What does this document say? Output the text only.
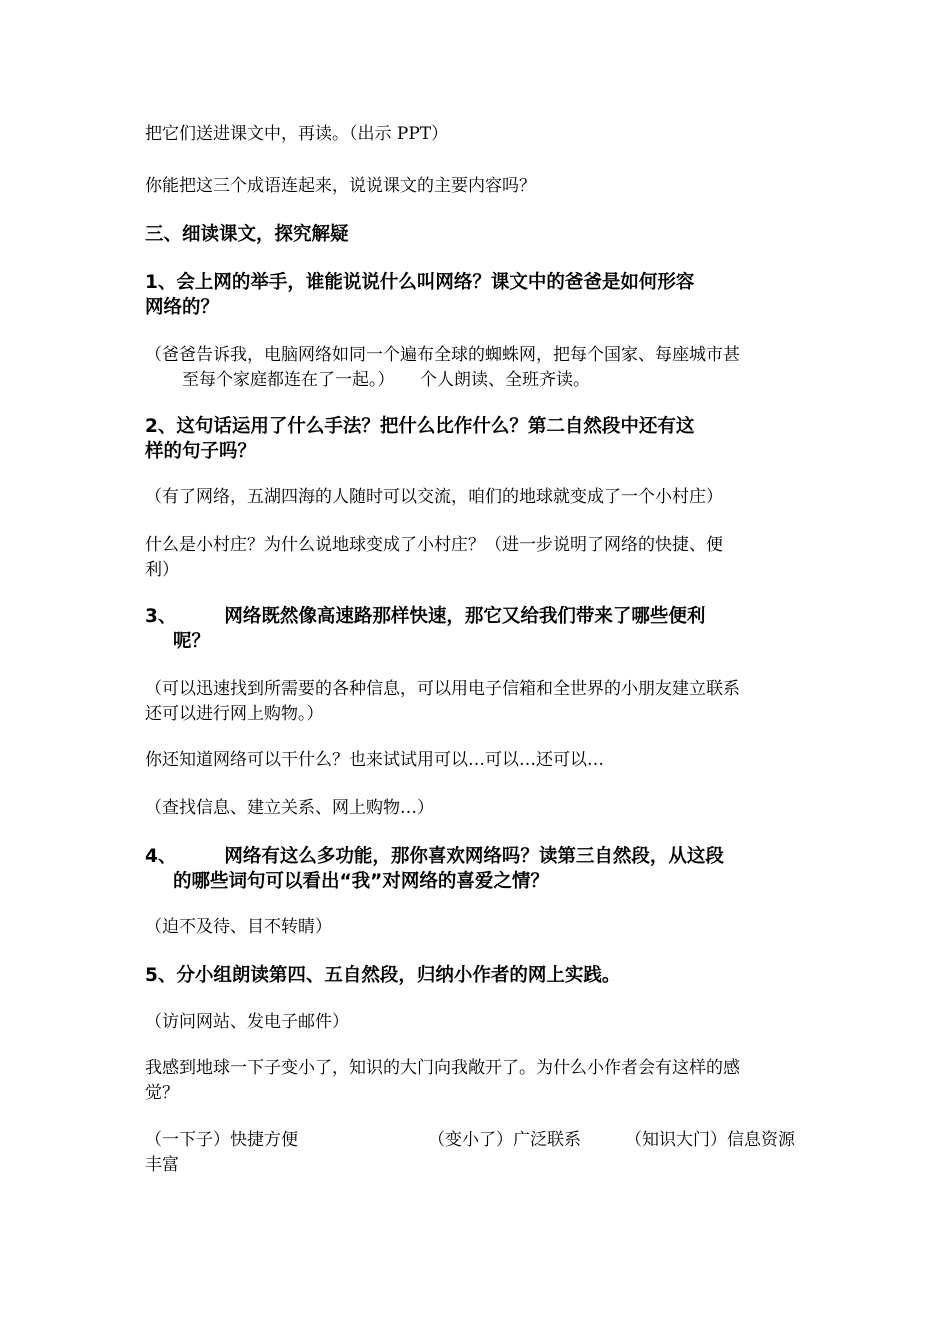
把它们送进课文中，再读。（出示 PPT）
你能把这三个成语连起来，说说课文的主要内容吗？
三、细读课文，探究解疑
1、会上网的举手，谁能说说什么叫网络？课文中的爸爸是如何形容
网络的？
（爸爸告诉我，电脑网络如同一个遍布全球的蜘蛛网，把每个国家、每座城市甚
至每个家庭都连在了一起。）　　个人朗读、全班齐读。
2、这句话运用了什么手法？把什么比作什么？第二自然段中还有这
样的句子吗？
（有了网络，五湖四海的人随时可以交流，咱们的地球就变成了一个小村庄）
什么是小村庄？为什么说地球变成了小村庄？（进一步说明了网络的快捷、便
利）
3、	网络既然像高速路那样快速，那它又给我们带来了哪些便利
呢？
（可以迅速找到所需要的各种信息，可以用电子信箱和全世界的小朋友建立联系
还可以进行网上购物。）
你还知道网络可以干什么？也来试试用可以…可以…还可以…
（查找信息、建立关系、网上购物…）
4、	网络有这么多功能，那你喜欢网络吗？读第三自然段，从这段
的哪些词句可以看出“我”对网络的喜爱之情？
（迫不及待、目不转睛）
5、分小组朗读第四、五自然段，归纳小作者的网上实践。
（访问网站、发电子邮件）
我感到地球一下子变小了，知识的大门向我敞开了。为什么小作者会有这样的感
觉？
（一下子）快捷方便	（变小了）广泛联系	（知识大门）信息资源
丰富
